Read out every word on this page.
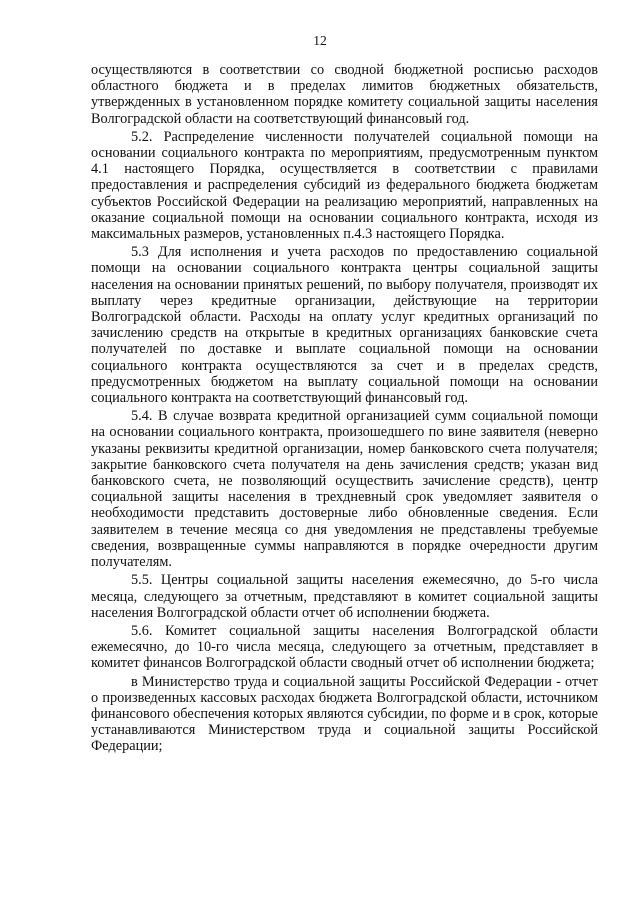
12

осуществляются в соответствии со сводной бюджетной росписью расходов областного бюджета и в пределах лимитов бюджетных обязательств, утвержденных в установленном порядке комитету социальной защиты населения Волгоградской области на соответствующий финансовый год.

5.2. Распределение численности получателей социальной помощи на основании социального контракта по мероприятиям, предусмотренным пунктом 4.1 настоящего Порядка, осуществляется в соответствии с правилами предоставления и распределения субсидий из федерального бюджета бюджетам субъектов Российской Федерации на реализацию мероприятий, направленных на оказание социальной помощи на основании социального контракта, исходя из максимальных размеров, установленных п.4.3 настоящего Порядка.

5.3 Для исполнения и учета расходов по предоставлению социальной помощи на основании социального контракта центры социальной защиты населения на основании принятых решений, по выбору получателя, производят их выплату через кредитные организации, действующие на территории Волгоградской области. Расходы на оплату услуг кредитных организаций по зачислению средств на открытые в кредитных организациях банковские счета получателей по доставке и выплате социальной помощи на основании социального контракта осуществляются за счет и в пределах средств, предусмотренных бюджетом на выплату социальной помощи на основании социального контракта на соответствующий финансовый год.

5.4. В случае возврата кредитной организацией сумм социальной помощи на основании социального контракта, произошедшего по вине заявителя (неверно указаны реквизиты кредитной организации, номер банковского счета получателя; закрытие банковского счета получателя на день зачисления средств; указан вид банковского счета, не позволяющий осуществить зачисление средств), центр социальной защиты населения в трехдневный срок уведомляет заявителя о необходимости представить достоверные либо обновленные сведения. Если заявителем в течение месяца со дня уведомления не представлены требуемые сведения, возвращенные суммы направляются в порядке очередности другим получателям.

5.5. Центры социальной защиты населения ежемесячно, до 5-го числа месяца, следующего за отчетным, представляют в комитет социальной защиты населения Волгоградской области отчет об исполнении бюджета.

5.6. Комитет социальной защиты населения Волгоградской области ежемесячно, до 10-го числа месяца, следующего за отчетным, представляет в комитет финансов Волгоградской области сводный отчет об исполнении бюджета;

в Министерство труда и социальной защиты Российской Федерации - отчет о произведенных кассовых расходах бюджета Волгоградской области, источником финансового обеспечения которых являются субсидии, по форме и в срок, которые устанавливаются Министерством труда и социальной защиты Российской Федерации;
